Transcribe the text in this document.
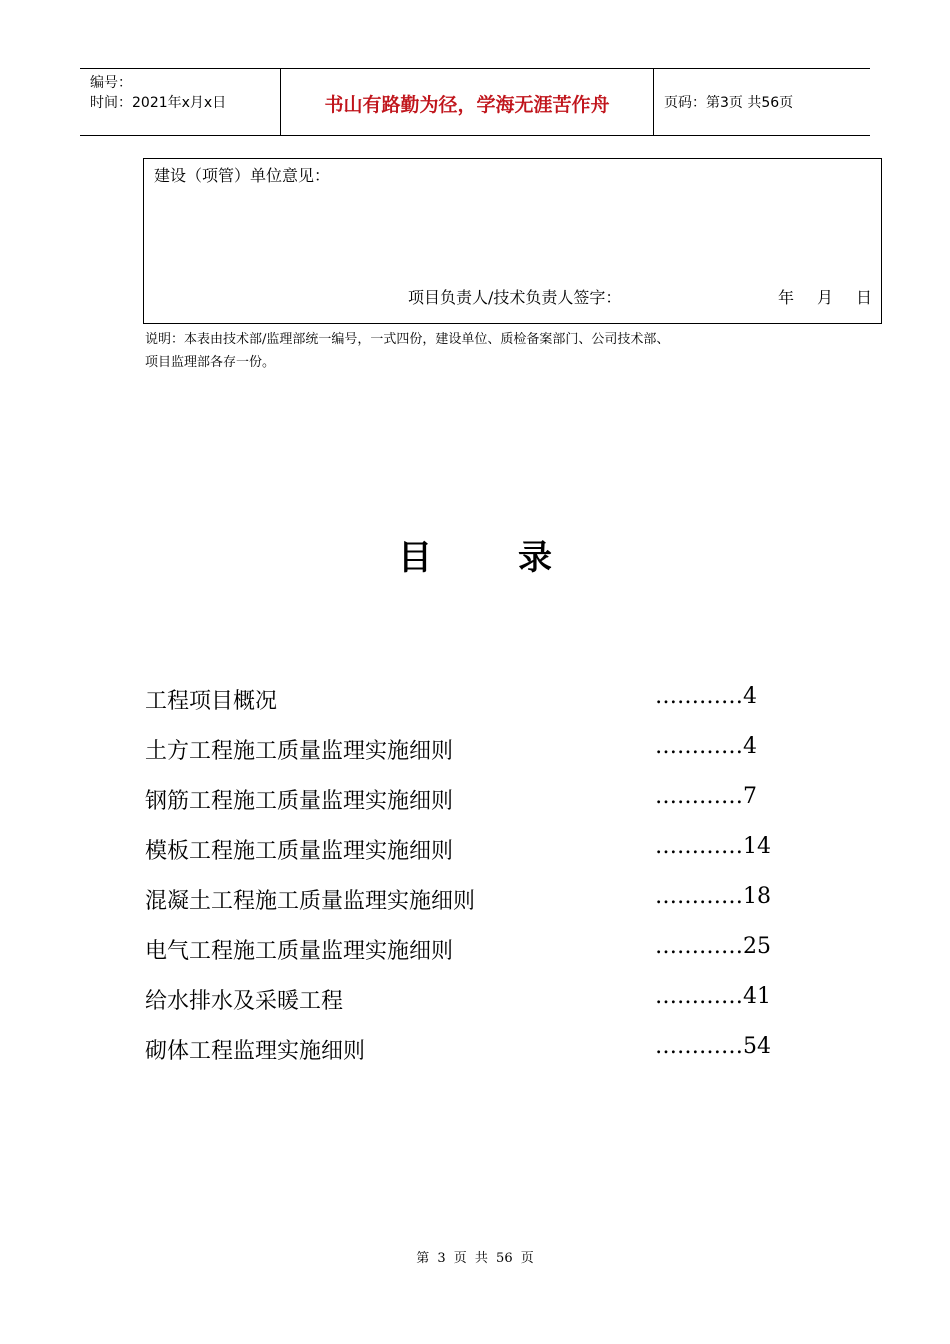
编号：
时间：2021年x月x日	书山有路勤为径，学海无涯苦作舟	页码：第3页 共56页
建设（项管）单位意见：
项目负责人/技术负责人签字：	年 月 日
说明：本表由技术部/监理部统一编号，一式四份，建设单位、质检备案部门、公司技术部、
项目监理部各存一份。
目	录
工程项目概况	…………4
土方工程施工质量监理实施细则	…………4
钢筋工程施工质量监理实施细则	…………7
模板工程施工质量监理实施细则	…………14
混凝土工程施工质量监理实施细则	…………18
电气工程施工质量监理实施细则	…………25
给水排水及采暖工程	…………41
砌体工程监理实施细则	…………54
第 3 页 共 56 页
